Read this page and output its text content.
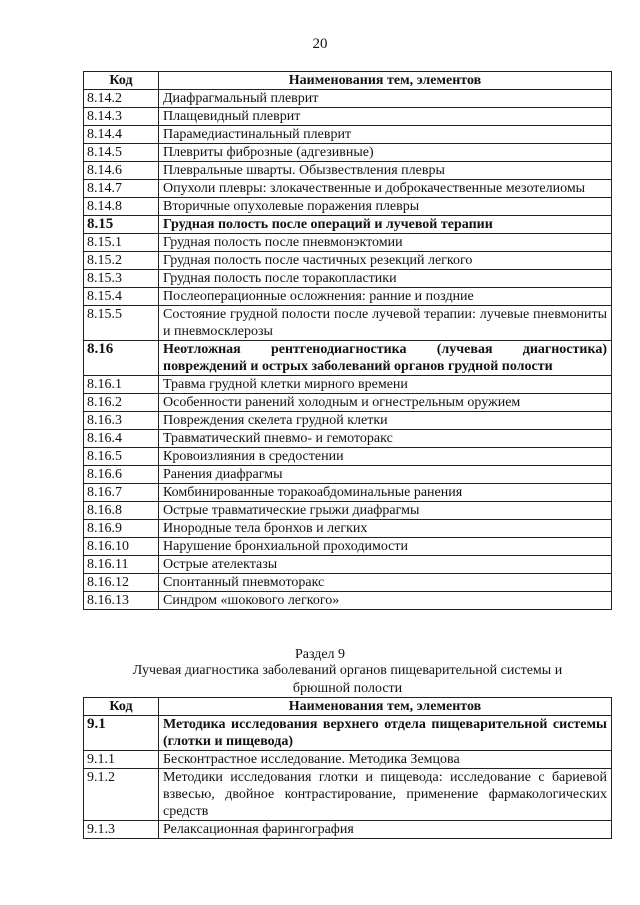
20
Код	Наименования тем, элементов
8.14.2	Диафрагмальный плеврит
8.14.3	Плащевидный плеврит
8.14.4	Парамедиастинальный плеврит
8.14.5	Плевриты фиброзные (адгезивные)
8.14.6	Плевральные шварты. Обызвествления плевры
8.14.7	Опухоли плевры: злокачественные и доброкачественные мезотелиомы
8.14.8	Вторичные опухолевые поражения плевры
8.15	Грудная полость после операций и лучевой терапии
8.15.1	Грудная полость после пневмонэктомии
8.15.2	Грудная полость после частичных резекций легкого
8.15.3	Грудная полость после торакопластики
8.15.4	Послеоперационные осложнения: ранние и поздние
8.15.5	Состояние грудной полости после лучевой терапии: лучевые пневмониты и пневмосклерозы
8.16	Неотложная рентгенодиагностика (лучевая диагностика) повреждений и острых заболеваний органов грудной полости
8.16.1	Травма грудной клетки мирного времени
8.16.2	Особенности ранений холодным и огнестрельным оружием
8.16.3	Повреждения скелета грудной клетки
8.16.4	Травматический пневмо- и гемоторакс
8.16.5	Кровоизлияния в средостении
8.16.6	Ранения диафрагмы
8.16.7	Комбинированные торакоабдоминальные ранения
8.16.8	Острые травматические грыжи диафрагмы
8.16.9	Инородные тела бронхов и легких
8.16.10	Нарушение бронхиальной проходимости
8.16.11	Острые ателектазы
8.16.12	Спонтанный пневмоторакс
8.16.13	Синдром «шокового легкого»
Раздел 9
Лучевая диагностика заболеваний органов пищеварительной системы и брюшной полости
Код	Наименования тем, элементов
9.1	Методика исследования верхнего отдела пищеварительной системы (глотки и пищевода)
9.1.1	Бесконтрастное исследование. Методика Земцова
9.1.2	Методики исследования глотки и пищевода: исследование с бариевой взвесью, двойное контрастирование, применение фармакологических средств
9.1.3	Релаксационная фарингография
